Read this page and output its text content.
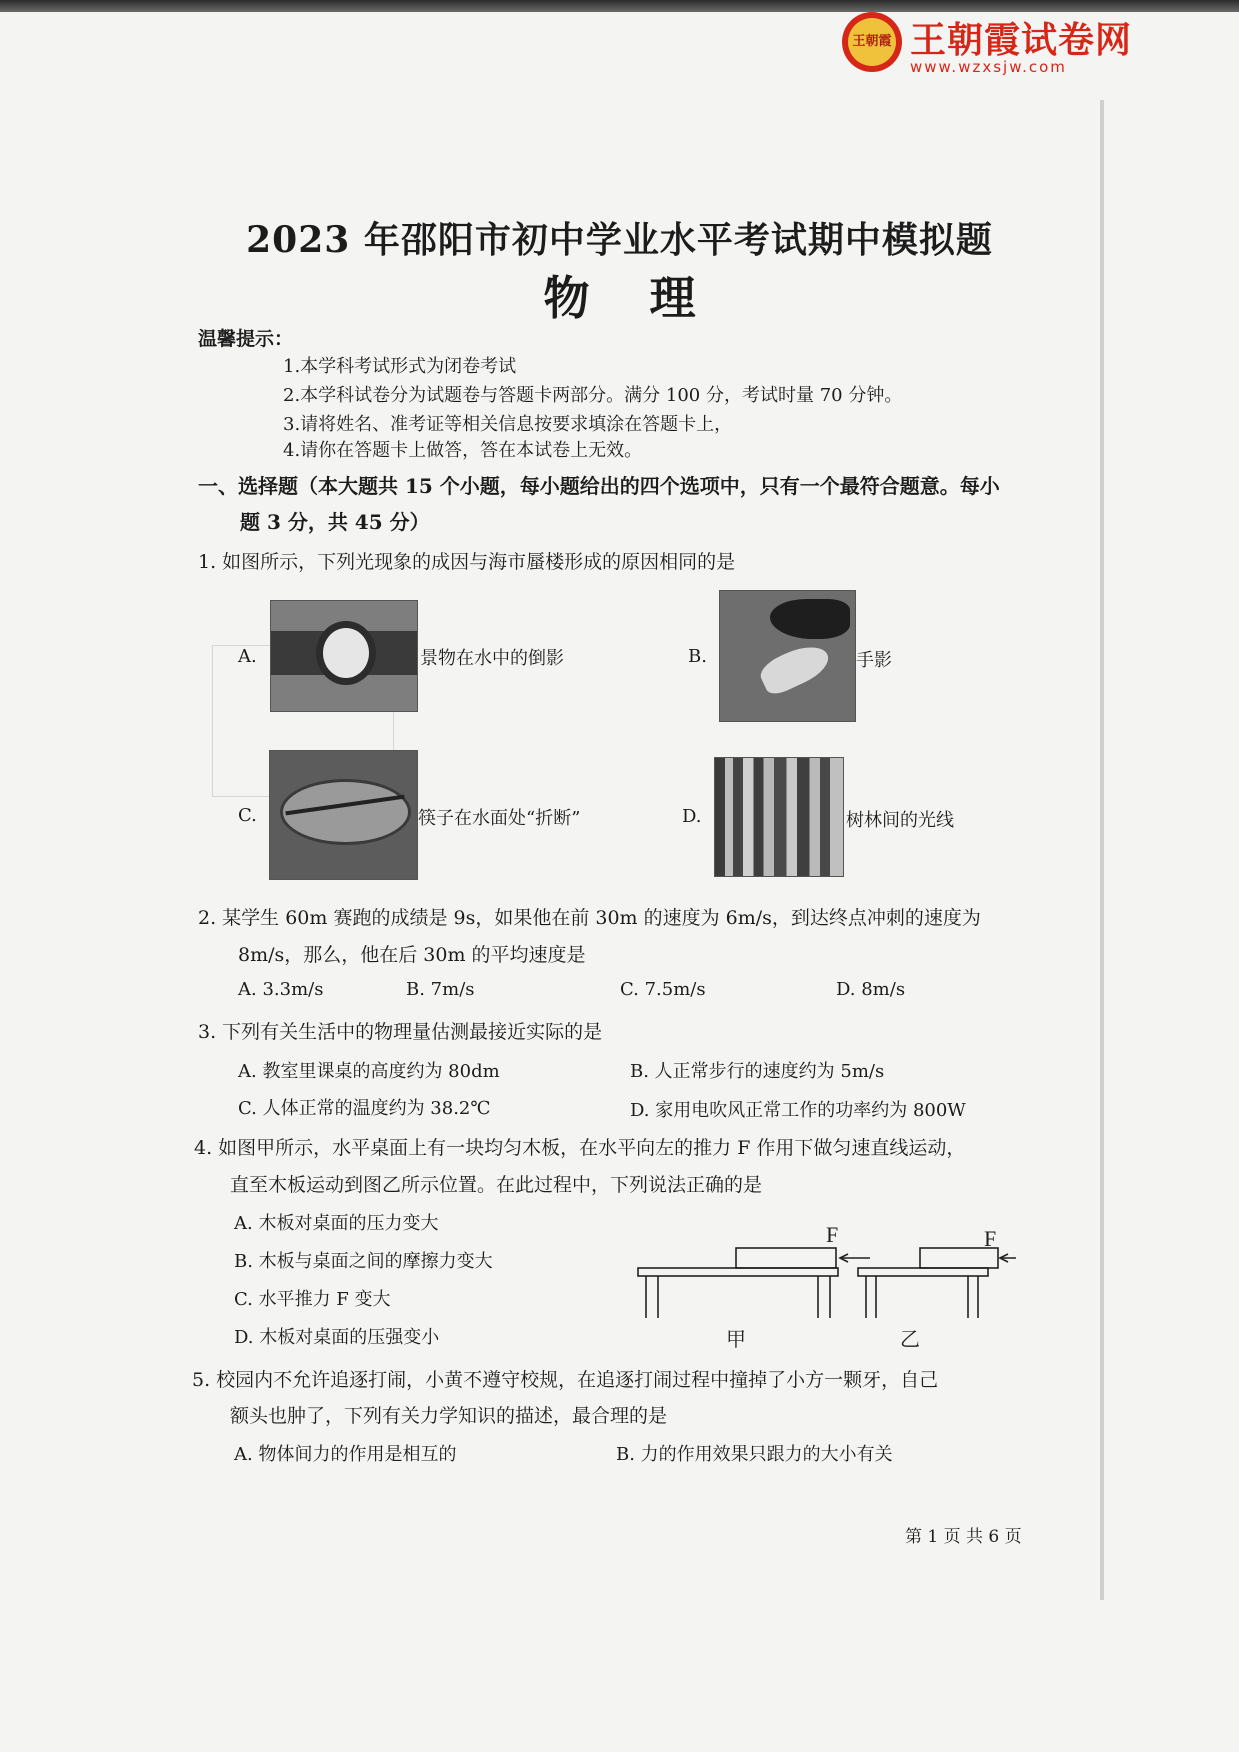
王朝霞 王朝霞试卷网
www.wzxsjw.com
2023 年邵阳市初中学业水平考试期中模拟题
物理
温馨提示：
1.本学科考试形式为闭卷考试
2.本学科试卷分为试题卷与答题卡两部分。满分 100 分，考试时量 70 分钟。
3.请将姓名、准考证等相关信息按要求填涂在答题卡上，
4.请你在答题卡上做答，答在本试卷上无效。
一、选择题（本大题共 15 个小题，每小题给出的四个选项中，只有一个最符合题意。每小
题 3 分，共 45 分）
1. 如图所示，下列光现象的成因与海市蜃楼形成的原因相同的是
A.	景物在水中的倒影	B.	手影
C.	筷子在水面处“折断”	D.	树林间的光线
2. 某学生 60m 赛跑的成绩是 9s，如果他在前 30m 的速度为 6m/s，到达终点冲刺的速度为
8m/s，那么，他在后 30m 的平均速度是
A. 3.3m/s	B. 7m/s	C. 7.5m/s	D. 8m/s
3. 下列有关生活中的物理量估测最接近实际的是
A. 教室里课桌的高度约为 80dm	B. 人正常步行的速度约为 5m/s
C. 人体正常的温度约为 38.2℃	D. 家用电吹风正常工作的功率约为 800W
4. 如图甲所示，水平桌面上有一块均匀木板，在水平向左的推力 F 作用下做匀速直线运动，
直至木板运动到图乙所示位置。在此过程中，下列说法正确的是
A. 木板对桌面的压力变大
B. 木板与桌面之间的摩擦力变大
C. 水平推力 F 变大
D. 木板对桌面的压强变小
F	F
甲	乙
5. 校园内不允许追逐打闹，小黄不遵守校规，在追逐打闹过程中撞掉了小方一颗牙，自己
额头也肿了，下列有关力学知识的描述，最合理的是
A. 物体间力的作用是相互的	B. 力的作用效果只跟力的大小有关
第 1 页 共 6 页
